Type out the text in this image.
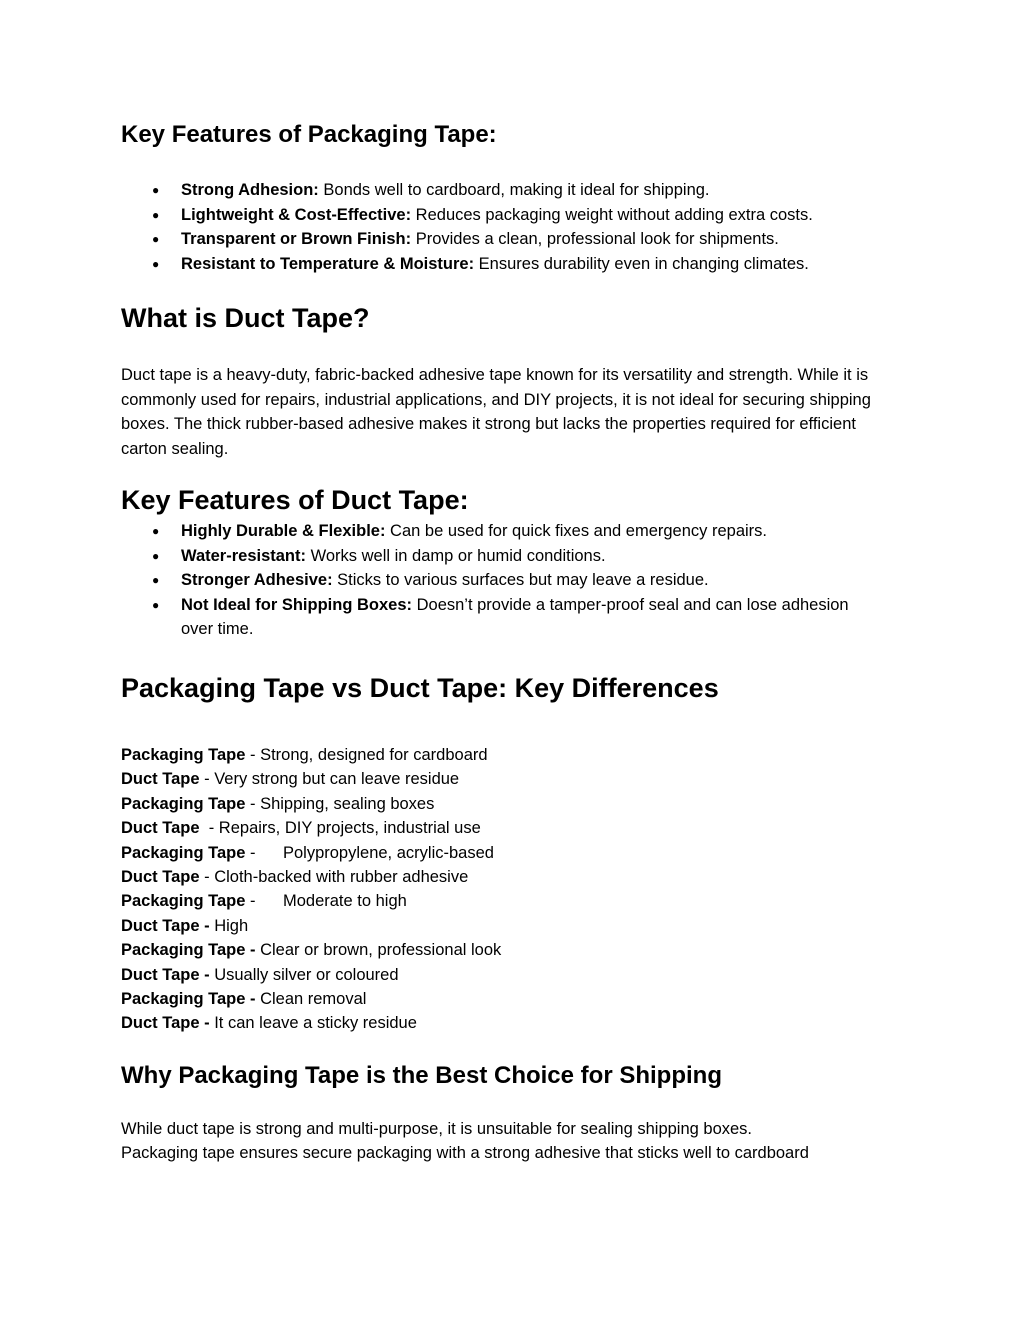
Key Features of Packaging Tape:
● Strong Adhesion: Bonds well to cardboard, making it ideal for shipping.
● Lightweight & Cost-Effective: Reduces packaging weight without adding extra costs.
● Transparent or Brown Finish: Provides a clean, professional look for shipments.
● Resistant to Temperature & Moisture: Ensures durability even in changing climates.
What is Duct Tape?

Duct tape is a heavy-duty, fabric-backed adhesive tape known for its versatility and strength. While it is commonly used for repairs, industrial applications, and DIY projects, it is not ideal for securing shipping boxes. The thick rubber-based adhesive makes it strong but lacks the properties required for efficient carton sealing.

Key Features of Duct Tape:
● Highly Durable & Flexible: Can be used for quick fixes and emergency repairs.
● Water-resistant: Works well in damp or humid conditions.
● Stronger Adhesive: Sticks to various surfaces but may leave a residue.
● Not Ideal for Shipping Boxes: Doesn’t provide a tamper-proof seal and can lose adhesion over time.
Packaging Tape vs Duct Tape: Key Differences
Packaging Tape - Strong, designed for cardboard
Duct Tape - Very strong but can leave residue
Packaging Tape - Shipping, sealing boxes
Duct Tape  - Repairs, DIY projects, industrial use
Packaging Tape -      Polypropylene, acrylic-based
Duct Tape - Cloth-backed with rubber adhesive
Packaging Tape -      Moderate to high
Duct Tape - High
Packaging Tape - Clear or brown, professional look
Duct Tape - Usually silver or coloured
Packaging Tape - Clean removal
Duct Tape - It can leave a sticky residue
Why Packaging Tape is the Best Choice for Shipping

While duct tape is strong and multi-purpose, it is unsuitable for sealing shipping boxes.

Packaging tape ensures secure packaging with a strong adhesive that sticks well to cardboard
